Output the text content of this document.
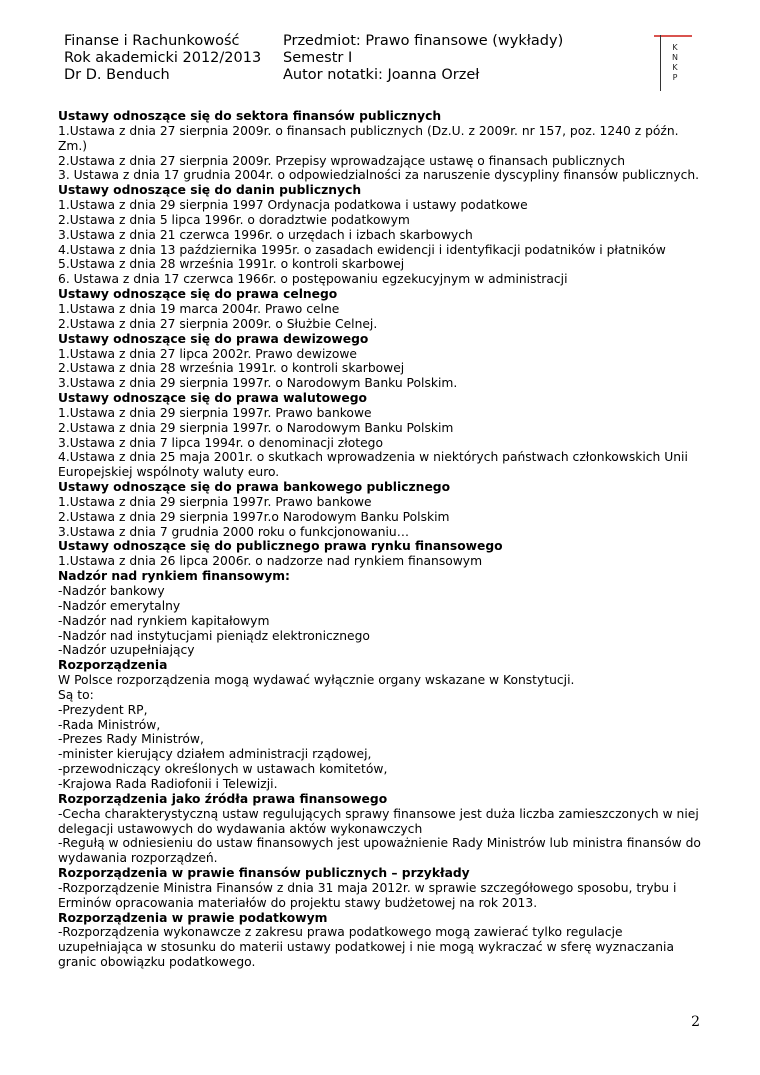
Finanse i Rachunkowość
Rok akademicki 2012/2013
Dr D. Benduch
Przedmiot: Prawo finansowe (wykłady)
Semestr I
Autor notatki: Joanna Orzeł
K
N
K
P
Ustawy odnoszące się do sektora finansów publicznych
1.Ustawa z dnia 27 sierpnia 2009r. o finansach publicznych (Dz.U. z 2009r. nr 157, poz. 1240 z późn. Zm.)
2.Ustawa z dnia 27 sierpnia 2009r. Przepisy wprowadzające ustawę o finansach publicznych
3. Ustawa z dnia 17 grudnia 2004r. o odpowiedzialności za naruszenie dyscypliny finansów publicznych.
Ustawy odnoszące się do danin publicznych
1.Ustawa z dnia 29 sierpnia 1997 Ordynacja podatkowa i ustawy podatkowe
2.Ustawa z dnia 5 lipca 1996r. o doradztwie podatkowym
3.Ustawa z dnia 21 czerwca 1996r. o urzędach i izbach skarbowych
4.Ustawa z dnia 13 października 1995r. o zasadach ewidencji i identyfikacji podatników i płatników
5.Ustawa z dnia 28 września 1991r. o kontroli skarbowej
6. Ustawa z dnia 17 czerwca 1966r. o postępowaniu egzekucyjnym w administracji
Ustawy odnoszące się do prawa celnego
1.Ustawa z dnia 19 marca 2004r. Prawo celne
2.Ustawa z dnia 27 sierpnia 2009r. o Służbie Celnej.
Ustawy odnoszące się do prawa dewizowego
1.Ustawa z dnia 27 lipca 2002r. Prawo dewizowe
2.Ustawa z dnia 28 września 1991r. o kontroli skarbowej
3.Ustawa z dnia 29 sierpnia 1997r. o Narodowym Banku Polskim.
Ustawy odnoszące się do prawa walutowego
1.Ustawa z dnia 29 sierpnia 1997r. Prawo bankowe
2.Ustawa z dnia 29 sierpnia 1997r. o Narodowym Banku Polskim
3.Ustawa z dnia 7 lipca 1994r. o denominacji złotego
4.Ustawa z dnia 25 maja 2001r. o skutkach wprowadzenia w niektórych państwach członkowskich Unii Europejskiej wspólnoty waluty euro.
Ustawy odnoszące się do prawa bankowego publicznego
1.Ustawa z dnia 29 sierpnia 1997r. Prawo bankowe
2.Ustawa z dnia 29 sierpnia 1997r.o Narodowym Banku Polskim
3.Ustawa z dnia 7 grudnia 2000 roku o funkcjonowaniu…
Ustawy odnoszące się do publicznego prawa rynku finansowego
1.Ustawa z dnia 26 lipca 2006r. o nadzorze nad rynkiem finansowym
Nadzór nad rynkiem finansowym:
-Nadzór bankowy
-Nadzór emerytalny
-Nadzór nad rynkiem kapitałowym
-Nadzór nad instytucjami pieniądz elektronicznego
-Nadzór uzupełniający
Rozporządzenia
W Polsce rozporządzenia mogą wydawać wyłącznie organy wskazane w Konstytucji.
Są to:
-Prezydent RP,
-Rada Ministrów,
-Prezes Rady Ministrów,
-minister kierujący działem administracji rządowej,
-przewodniczący określonych w ustawach komitetów,
-Krajowa Rada Radiofonii i Telewizji.
Rozporządzenia jako źródła prawa finansowego
-Cecha charakterystyczną ustaw regulujących sprawy finansowe jest duża liczba zamieszczonych w niej delegacji ustawowych do wydawania aktów wykonawczych
-Regułą w odniesieniu do ustaw finansowych jest upoważnienie Rady Ministrów lub ministra finansów do wydawania rozporządzeń.
Rozporządzenia w prawie finansów publicznych – przykłady
-Rozporządzenie Ministra Finansów z dnia 31 maja 2012r. w sprawie szczegółowego sposobu, trybu i Erminów opracowania materiałów do projektu stawy budżetowej na rok 2013.
Rozporządzenia w prawie podatkowym
-Rozporządzenia wykonawcze z zakresu prawa podatkowego mogą zawierać tylko regulacje uzupełniająca w stosunku do materii ustawy podatkowej i nie mogą wykraczać w sferę wyznaczania granic obowiązku podatkowego.
2
